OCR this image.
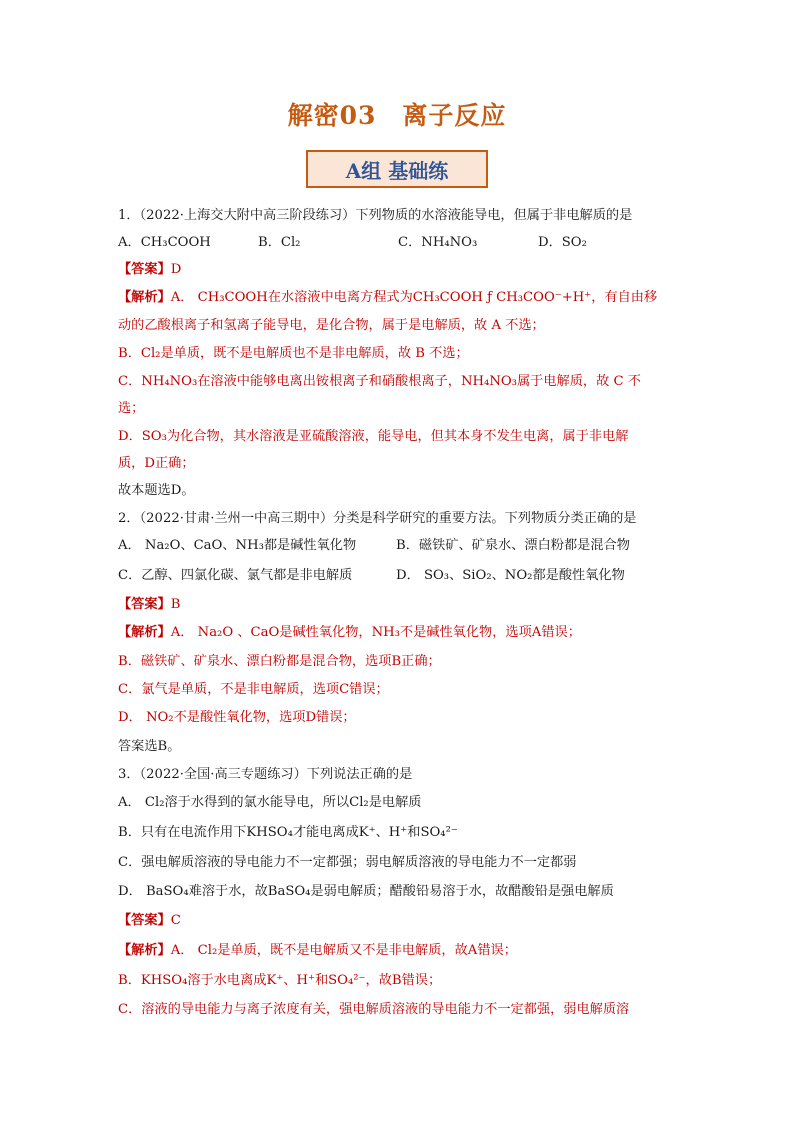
解密03　离子反应
A组 基础练
1．（2022·上海交大附中高三阶段练习）下列物质的水溶液能导电，但属于非电解质的是
A．CH₃COOH	B．Cl₂	C．NH₄NO₃	D．SO₂
【答案】D
【解析】A． CH₃COOH在水溶液中电离方程式为CH₃COOH ƒ CH₃COO⁻+H⁺，有自由移
动的乙酸根离子和氢离子能导电，是化合物，属于是电解质，故 A 不选；
B．Cl₂是单质，既不是电解质也不是非电解质，故 B 不选；
C．NH₄NO₃在溶液中能够电离出铵根离子和硝酸根离子，NH₄NO₃属于电解质，故 C 不
选；
D．SO₃为化合物，其水溶液是亚硫酸溶液，能导电，但其本身不发生电离，属于非电解
质，D正确；
故本题选D。
2．（2022·甘肃·兰州一中高三期中）分类是科学研究的重要方法。下列物质分类正确的是
A． Na₂O、CaO、NH₃都是碱性氧化物	B．磁铁矿、矿泉水、漂白粉都是混合物
C．乙醇、四氯化碳、氯气都是非电解质	D． SO₃、SiO₂、NO₂都是酸性氧化物
【答案】B
【解析】A． Na₂O 、CaO是碱性氧化物，NH₃不是碱性氧化物，选项A错误；
B．磁铁矿、矿泉水、漂白粉都是混合物，选项B正确；
C．氯气是单质，不是非电解质，选项C错误；
D． NO₂不是酸性氧化物，选项D错误；
答案选B。
3．（2022·全国·高三专题练习）下列说法正确的是
A． Cl₂溶于水得到的氯水能导电，所以Cl₂是电解质
B．只有在电流作用下KHSO₄才能电离成K⁺、H⁺和SO₄²⁻
C．强电解质溶液的导电能力不一定都强；弱电解质溶液的导电能力不一定都弱
D． BaSO₄难溶于水，故BaSO₄是弱电解质；醋酸铅易溶于水，故醋酸铅是强电解质
【答案】C
【解析】A． Cl₂是单质，既不是电解质又不是非电解质，故A错误；
B．KHSO₄溶于水电离成K⁺、H⁺和SO₄²⁻，故B错误；
C．溶液的导电能力与离子浓度有关，强电解质溶液的导电能力不一定都强，弱电解质溶
